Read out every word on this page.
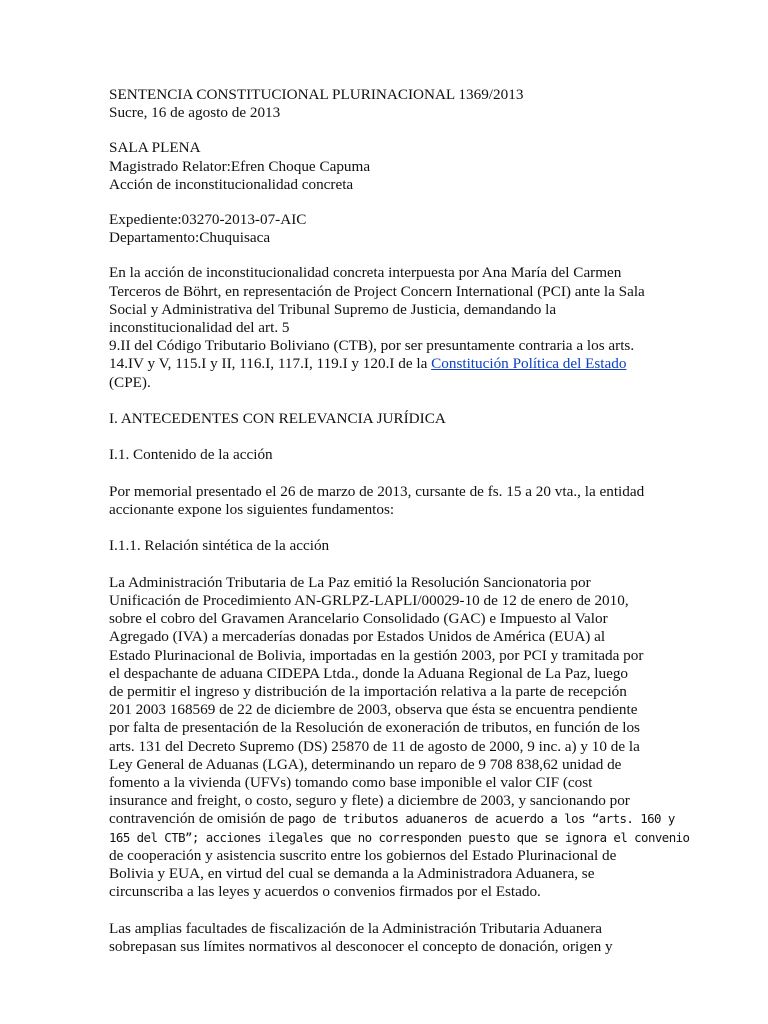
SENTENCIA CONSTITUCIONAL PLURINACIONAL 1369/2013
Sucre, 16 de agosto de 2013
SALA PLENA
Magistrado Relator:Efren Choque Capuma
Acción de inconstitucionalidad concreta
Expediente:03270-2013-07-AIC
Departamento:Chuquisaca
En la acción de inconstitucionalidad concreta interpuesta por Ana María del Carmen
Terceros de Böhrt, en representación de Project Concern International (PCI) ante la Sala
Social y Administrativa del Tribunal Supremo de Justicia, demandando la
inconstitucionalidad del art. 5
9.II del Código Tributario Boliviano (CTB), por ser presuntamente contraria a los arts.
14.IV y V, 115.I y II, 116.I, 117.I, 119.I y 120.I de la Constitución Política del Estado
(CPE).
I. ANTECEDENTES CON RELEVANCIA JURÍDICA
I.1. Contenido de la acción
Por memorial presentado el 26 de marzo de 2013, cursante de fs. 15 a 20 vta., la entidad
accionante expone los siguientes fundamentos:
I.1.1. Relación sintética de la acción
La Administración Tributaria de La Paz emitió la Resolución Sancionatoria por
Unificación de Procedimiento AN-GRLPZ-LAPLI/00029-10 de 12 de enero de 2010,
sobre el cobro del Gravamen Arancelario Consolidado (GAC) e Impuesto al Valor
Agregado (IVA) a mercaderías donadas por Estados Unidos de América (EUA) al
Estado Plurinacional de Bolivia, importadas en la gestión 2003, por PCI y tramitada por
el despachante de aduana CIDEPA Ltda., donde la Aduana Regional de La Paz, luego
de permitir el ingreso y distribución de la importación relativa a la parte de recepción
201 2003 168569 de 22 de diciembre de 2003, observa que ésta se encuentra pendiente
por falta de presentación de la Resolución de exoneración de tributos, en función de los
arts. 131 del Decreto Supremo (DS) 25870 de 11 de agosto de 2000, 9 inc. a) y 10 de la
Ley General de Aduanas (LGA), determinando un reparo de 9 708 838,62 unidad de
fomento a la vivienda (UFVs) tomando como base imponible el valor CIF (cost
insurance and freight, o costo, seguro y flete) a diciembre de 2003, y sancionando por
contravención de omisión de pago de tributos aduaneros de acuerdo a los “arts. 160 y
165 del CTB”; acciones ilegales que no corresponden puesto que se ignora el convenio
de cooperación y asistencia suscrito entre los gobiernos del Estado Plurinacional de
Bolivia y EUA, en virtud del cual se demanda a la Administradora Aduanera, se
circunscriba a las leyes y acuerdos o convenios firmados por el Estado.
Las amplias facultades de fiscalización de la Administración Tributaria Aduanera
sobrepasan sus límites normativos al desconocer el concepto de donación, origen y
